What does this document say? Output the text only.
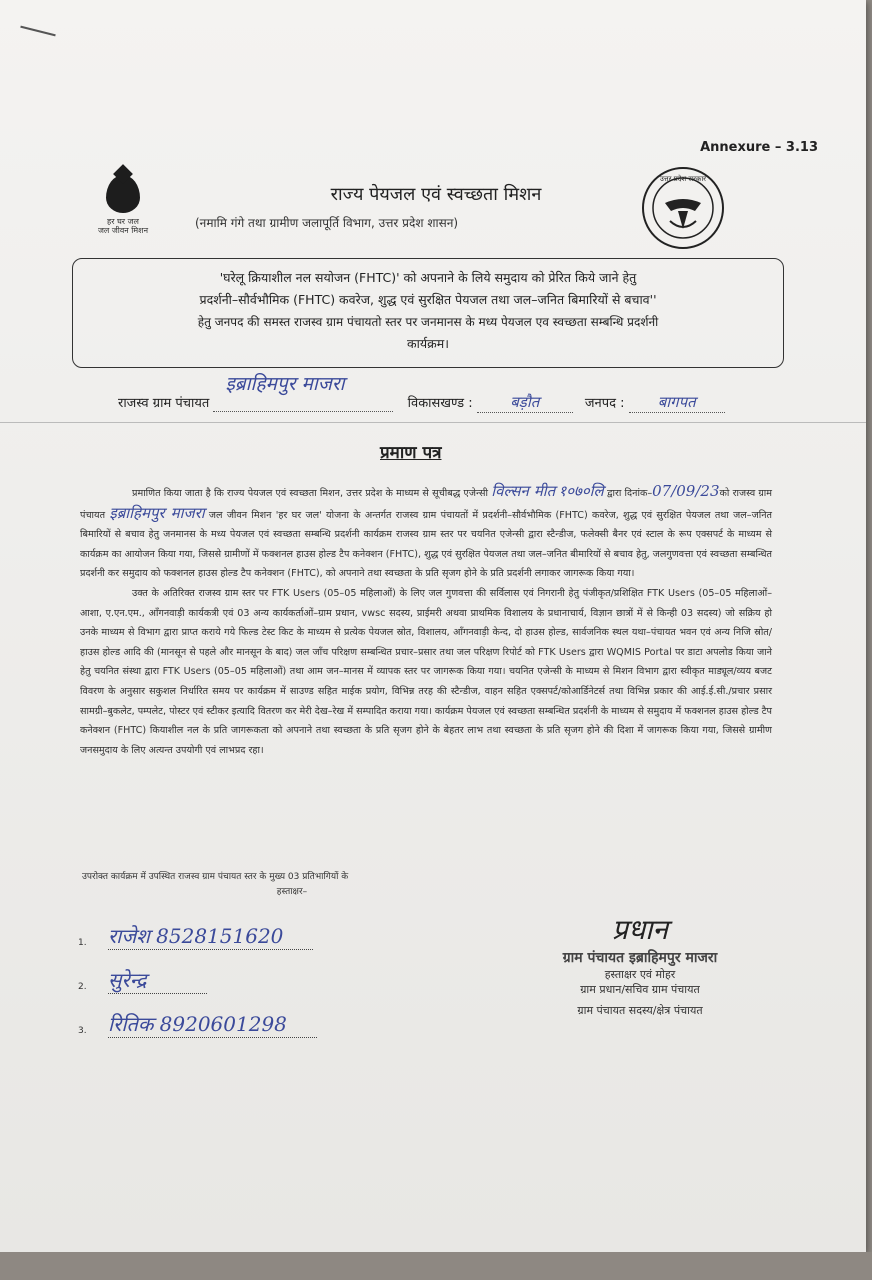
Annexure – 3.13
हर घर जल
जल जीवन मिशन
उत्तर प्रदेश सरकार
राज्य पेयजल एवं स्वच्छता मिशन
(नमामि गंगे तथा ग्रामीण जलापूर्ति विभाग, उत्तर प्रदेश शासन)
'घरेलू क्रियाशील नल सयोजन (FHTC)' को अपनाने के लिये समुदाय को प्रेरित किये जाने हेतु
प्रदर्शनी–सौर्वभौमिक (FHTC) कवरेज, शुद्ध एवं सुरक्षित पेयजल तथा जल–जनित बिमारियों से बचाव''
हेतु जनपद की समस्त राजस्व ग्राम पंचायतो स्तर पर जनमानस के मध्य पेयजल एव स्वच्छता सम्बन्धि प्रदर्शनी
कार्यक्रम।
राजस्व ग्राम पंचायत
इब्राहिमपुर माजरा
विकासखण्ड : बड़ौत	जनपद : बागपत
प्रमाण पत्र

प्रमाणित किया जाता है कि राज्य पेयजल एवं स्वच्छता मिशन, उत्तर प्रदेश के माध्यम से सूचीबद्ध एजेन्सी विल्सन मीत १०७०लि द्वारा दिनांक–07/09/23को राजस्व ग्राम पंचायत इब्राहिमपुर माजरा जल जीवन मिशन 'हर घर जल' योजना के अन्तर्गत राजस्व ग्राम पंचायतों में प्रदर्शनी–सौर्वभौमिक (FHTC) कवरेज, शुद्ध एवं सुरक्षित पेयजल तथा जल–जनित बिमारियों से बचाव हेतु जनमानस के मध्य पेयजल एवं स्वच्छता सम्बन्धि प्रदर्शनी कार्यक्रम राजस्व ग्राम स्तर पर चयनित एजेन्सी द्वारा स्टैन्डीज, फलेक्सी बैनर एवं स्टाल के रूप एक्सपर्ट के माध्यम से कार्यक्रम का आयोजन किया गया, जिससे ग्रामीणों में फक्शनल हाउस होल्ड टैप कनेक्शन (FHTC), शुद्ध एवं सुरक्षित पेयजल तथा जल–जनित बीमारियों से बचाव हेतु, जलगुणवत्ता एवं स्वच्छता सम्बन्धित प्रदर्शनी कर समुदाय को फक्शनल हाउस होल्ड टैप कनेक्शन (FHTC), को अपनाने तथा स्वच्छता के प्रति सृजग होने के प्रति प्रदर्शनी लगाकर जागरूक किया गया।

उक्त के अतिरिक्त राजस्व ग्राम स्तर पर FTK Users (05–05 महिलाओं) के लिए जल गुणवत्ता की सर्विलास एवं निगरानी हेतु पंजीकृत/प्रशिक्षित FTK Users (05–05 महिलाओं–आशा, ए.एन.एम., आँगनवाड़ी कार्यकत्री एवं 03 अन्य कार्यकर्ताओं–ग्राम प्रधान, vwsc सदस्य, प्राईमरी अथवा प्राथमिक विशालय के प्रधानाचार्य, विज्ञान छात्रों में से किन्ही 03 सदस्य) जो सक्रिय हो उनके माध्यम से विभाग द्वारा प्राप्त कराये गये फिल्ड टेस्ट किट के माध्यम से प्रत्येक पेयजल स्रोत, विशालय, आँगनवाड़ी केन्द, दो हाउस होल्ड, सार्वजनिक स्थल यथा–पंचायत भवन एवं अन्य निजि स्रोत/हाउस होल्ड आदि की (मानसून से पहले और मानसून के बाद) जल जाँच परिक्षण सम्बन्धित प्रचार–प्रसार तथा जल परिक्षण रिपोर्ट को FTK Users द्वारा WQMIS Portal पर डाटा अपलोड किया जाने हेतु चयनित संस्था द्वारा FTK Users (05–05 महिलाओं) तथा आम जन–मानस में व्यापक स्तर पर जागरूक किया गया। चयनित एजेन्सी के माध्यम से मिशन विभाग द्वारा स्वीकृत माड्यूल/व्यय बजट विवरण के अनुसार सकुशल निर्धारित समय पर कार्यक्रम में साउण्ड सहित माईक प्रयोग, विभिन्न तरह की स्टैन्डीज, वाहन सहित एक्सपर्ट/कोआर्डिनेटर्स तथा विभिन्न प्रकार की आई.ई.सी./प्रचार प्रसार सामग्री–बुकलेट, पम्पलेट, पोस्टर एवं स्टीकर इत्यादि वितरण कर मेरी देख–रेख में सम्पादित कराया गया। कार्यक्रम पेयजल एवं स्वच्छता सम्बन्धित प्रदर्शनी के माध्यम से समुदाय में फक्शनल हाउस होल्ड टैप कनेक्शन (FHTC) कियाशील नल के प्रति जागरूकता को अपनाने तथा स्वच्छता के प्रति सृजग होने के बेहतर लाभ तथा स्वच्छता के प्रति सृजग होने की दिशा में जागरूक किया गया, जिससे ग्रामीण जनसमुदाय के लिए अत्यन्त उपयोगी एवं लाभप्रद रहा।

उपरोक्त कार्यक्रम में उपस्थित राजस्व ग्राम पंचायत स्तर के मुख्य 03 प्रतिभागियों के
हस्ताक्षर–
1. राजेश 8528151620
2. सुरेन्द्र
3. रितिक 8920601298
प्रधान
ग्राम पंचायत इब्राहिमपुर माजरा
हस्ताक्षर एवं मोहर
ग्राम प्रधान/सचिव ग्राम पंचायत
ग्राम पंचायत सदस्य/क्षेत्र पंचायत
